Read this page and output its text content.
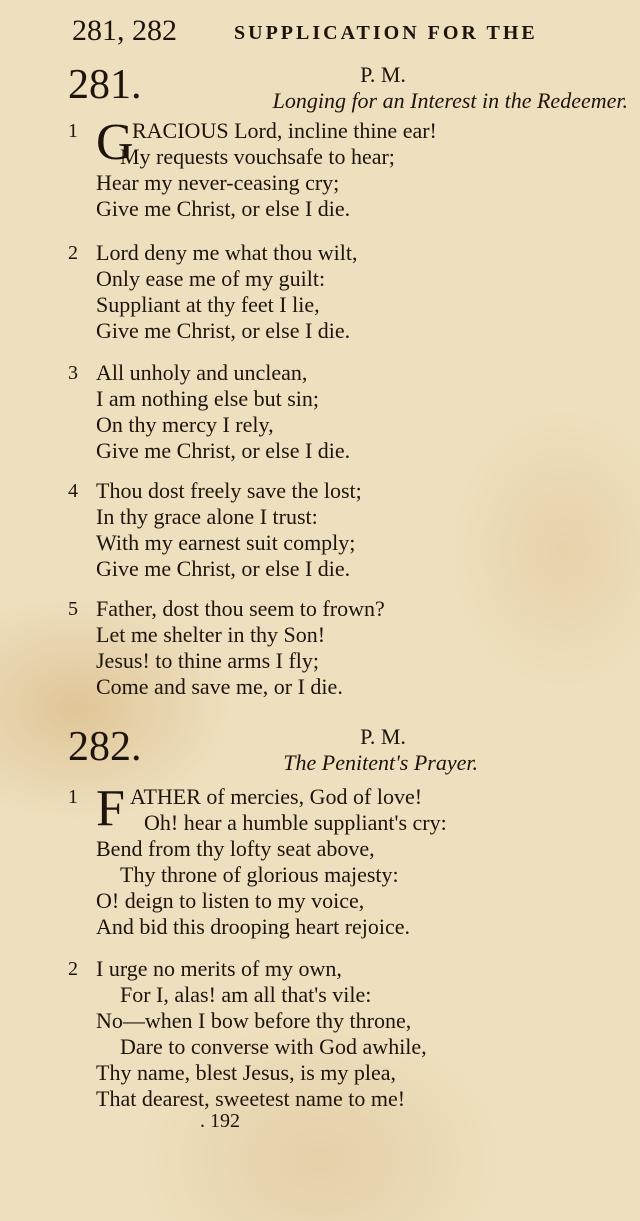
281, 282	SUPPLICATION FOR THE
281.	P. M.
Longing for an Interest in the Redeemer.
1 G
RACIOUS Lord, incline thine ear!
My requests vouchsafe to hear;
Hear my never-ceasing cry;
Give me Christ, or else I die.
2 Lord deny me what thou wilt,
Only ease me of my guilt:
Suppliant at thy feet I lie,
Give me Christ, or else I die.
3 All unholy and unclean,
I am nothing else but sin;
On thy mercy I rely,
Give me Christ, or else I die.
4 Thou dost freely save the lost;
In thy grace alone I trust:
With my earnest suit comply;
Give me Christ, or else I die.
5 Father, dost thou seem to frown?
Let me shelter in thy Son!
Jesus! to thine arms I fly;
Come and save me, or I die.
282.	P. M.
The Penitent's Prayer.
1 F ATHER of mercies, God of love!
Oh! hear a humble suppliant's cry:
Bend from thy lofty seat above,
Thy throne of glorious majesty:
O! deign to listen to my voice,
And bid this drooping heart rejoice.
2 I urge no merits of my own,
For I, alas! am all that's vile:
No—when I bow before thy throne,
Dare to converse with God awhile,
Thy name, blest Jesus, is my plea,
That dearest, sweetest name to me!
. 192
